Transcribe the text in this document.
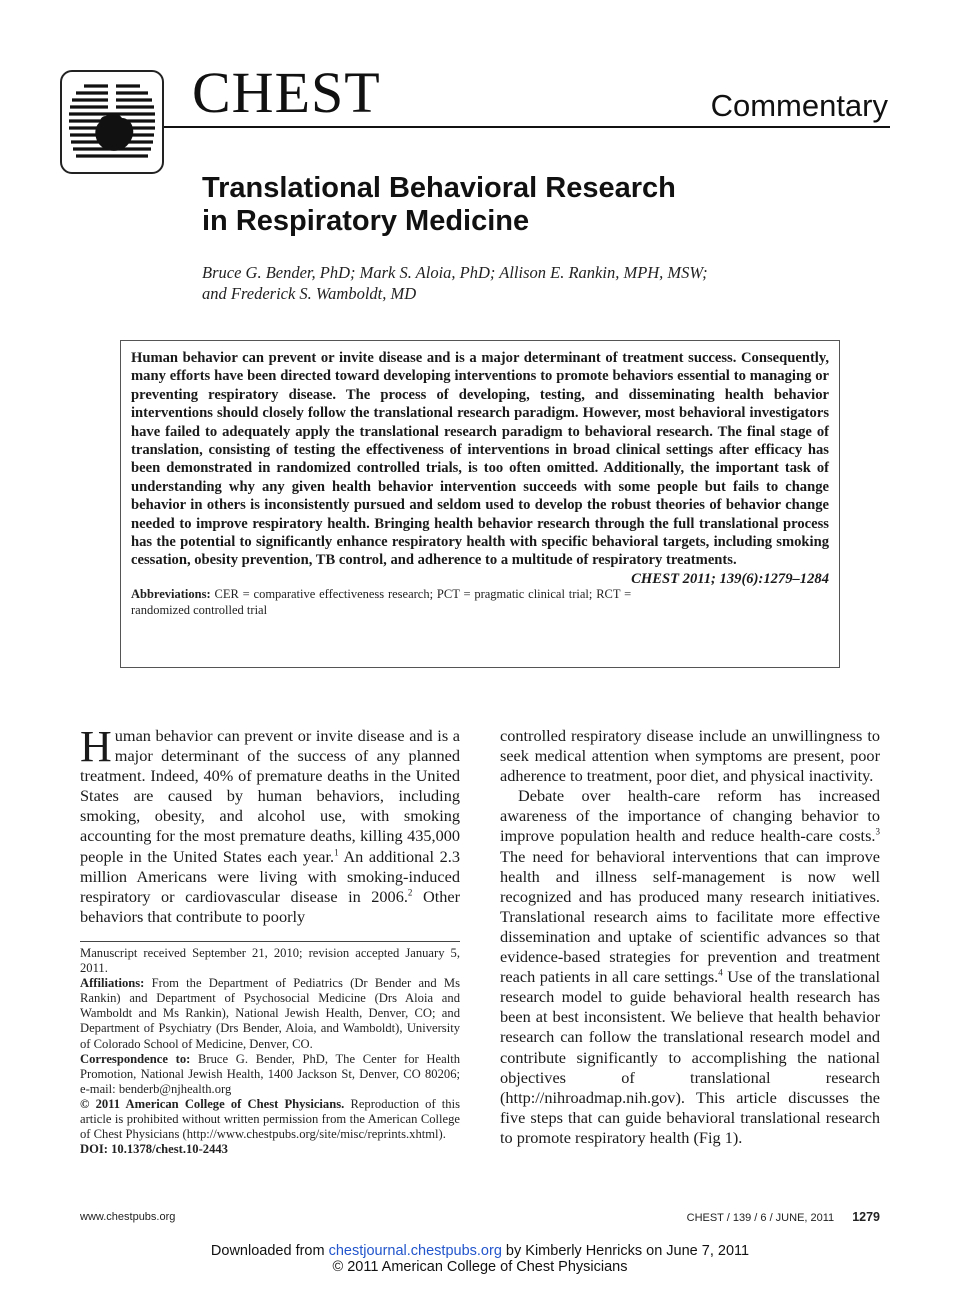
CHEST	Commentary
Translational Behavioral Research
in Respiratory Medicine
Bruce G. Bender, PhD; Mark S. Aloia, PhD; Allison E. Rankin, MPH, MSW;
and Frederick S. Wamboldt, MD
Human behavior can prevent or invite disease and is a major determinant of treatment success. Consequently, many efforts have been directed toward developing interventions to promote behaviors essential to managing or preventing respiratory disease. The process of developing, testing, and disseminating health behavior interventions should closely follow the translational research paradigm. However, most behavioral investigators have failed to adequately apply the translational research paradigm to behavioral research. The final stage of translation, consisting of testing the effectiveness of interventions in broad clinical settings after efficacy has been demonstrated in randomized controlled trials, is too often omitted. Additionally, the important task of understanding why any given health behavior intervention succeeds with some people but fails to change behavior in others is inconsistently pursued and seldom used to develop the robust theories of behavior change needed to improve respiratory health. Bringing health behavior research through the full translational process has the potential to significantly enhance respiratory health with specific behavioral targets, including smoking cessation, obesity prevention, TB control, and adherence to a multitude of respiratory treatments.
CHEST 2011; 139(6):1279–1284
Abbreviations: CER = comparative effectiveness research; PCT = pragmatic clinical trial; RCT = randomized controlled trial

Human behavior can prevent or invite disease and is a major determinant of the success of any planned treatment. Indeed, 40% of premature deaths in the United States are caused by human behaviors, including smoking, obesity, and alcohol use, with smoking accounting for the most premature deaths, killing 435,000 people in the United States each year.$^1$ An additional 2.3 million Americans were living with smoking-induced respiratory or cardiovascular disease in 2006.$^2$ Other behaviors that contribute to poorly

Manuscript received September 21, 2010; revision accepted January 5, 2011.

Affiliations: From the Department of Pediatrics (Dr Bender and Ms Rankin) and Department of Psychosocial Medicine (Drs Aloia and Wamboldt and Ms Rankin), National Jewish Health, Denver, CO; and Department of Psychiatry (Drs Bender, Aloia, and Wamboldt), University of Colorado School of Medicine, Denver, CO.

Correspondence to: Bruce G. Bender, PhD, The Center for Health Promotion, National Jewish Health, 1400 Jackson St, Denver, CO 80206; e-mail: benderb@njhealth.org

© 2011 American College of Chest Physicians. Reproduction of this article is prohibited without written permission from the American College of Chest Physicians (http://www.chestpubs.org/site/misc/reprints.xhtml).

DOI: 10.1378/chest.10-2443

controlled respiratory disease include an unwillingness to seek medical attention when symptoms are present, poor adherence to treatment, poor diet, and physical inactivity.

Debate over health-care reform has increased awareness of the importance of changing behavior to improve population health and reduce health-care costs.$^3$ The need for behavioral interventions that can improve health and illness self-management is now well recognized and has produced many research initiatives. Translational research aims to facilitate more effective dissemination and uptake of scientific advances so that evidence-based strategies for prevention and treatment reach patients in all care settings.$^4$ Use of the translational research model to guide behavioral health research has been at best inconsistent. We believe that health behavior research can follow the translational research model and contribute significantly to accomplishing the national objectives of translational research (http://nihroadmap.nih.gov). This article discusses the five steps that can guide behavioral translational research to promote respiratory health (Fig 1).

www.chestpubs.org	CHEST / 139 / 6 / JUNE, 2011 1279
Downloaded from chestjournal.chestpubs.org by Kimberly Henricks on June 7, 2011
© 2011 American College of Chest Physicians
